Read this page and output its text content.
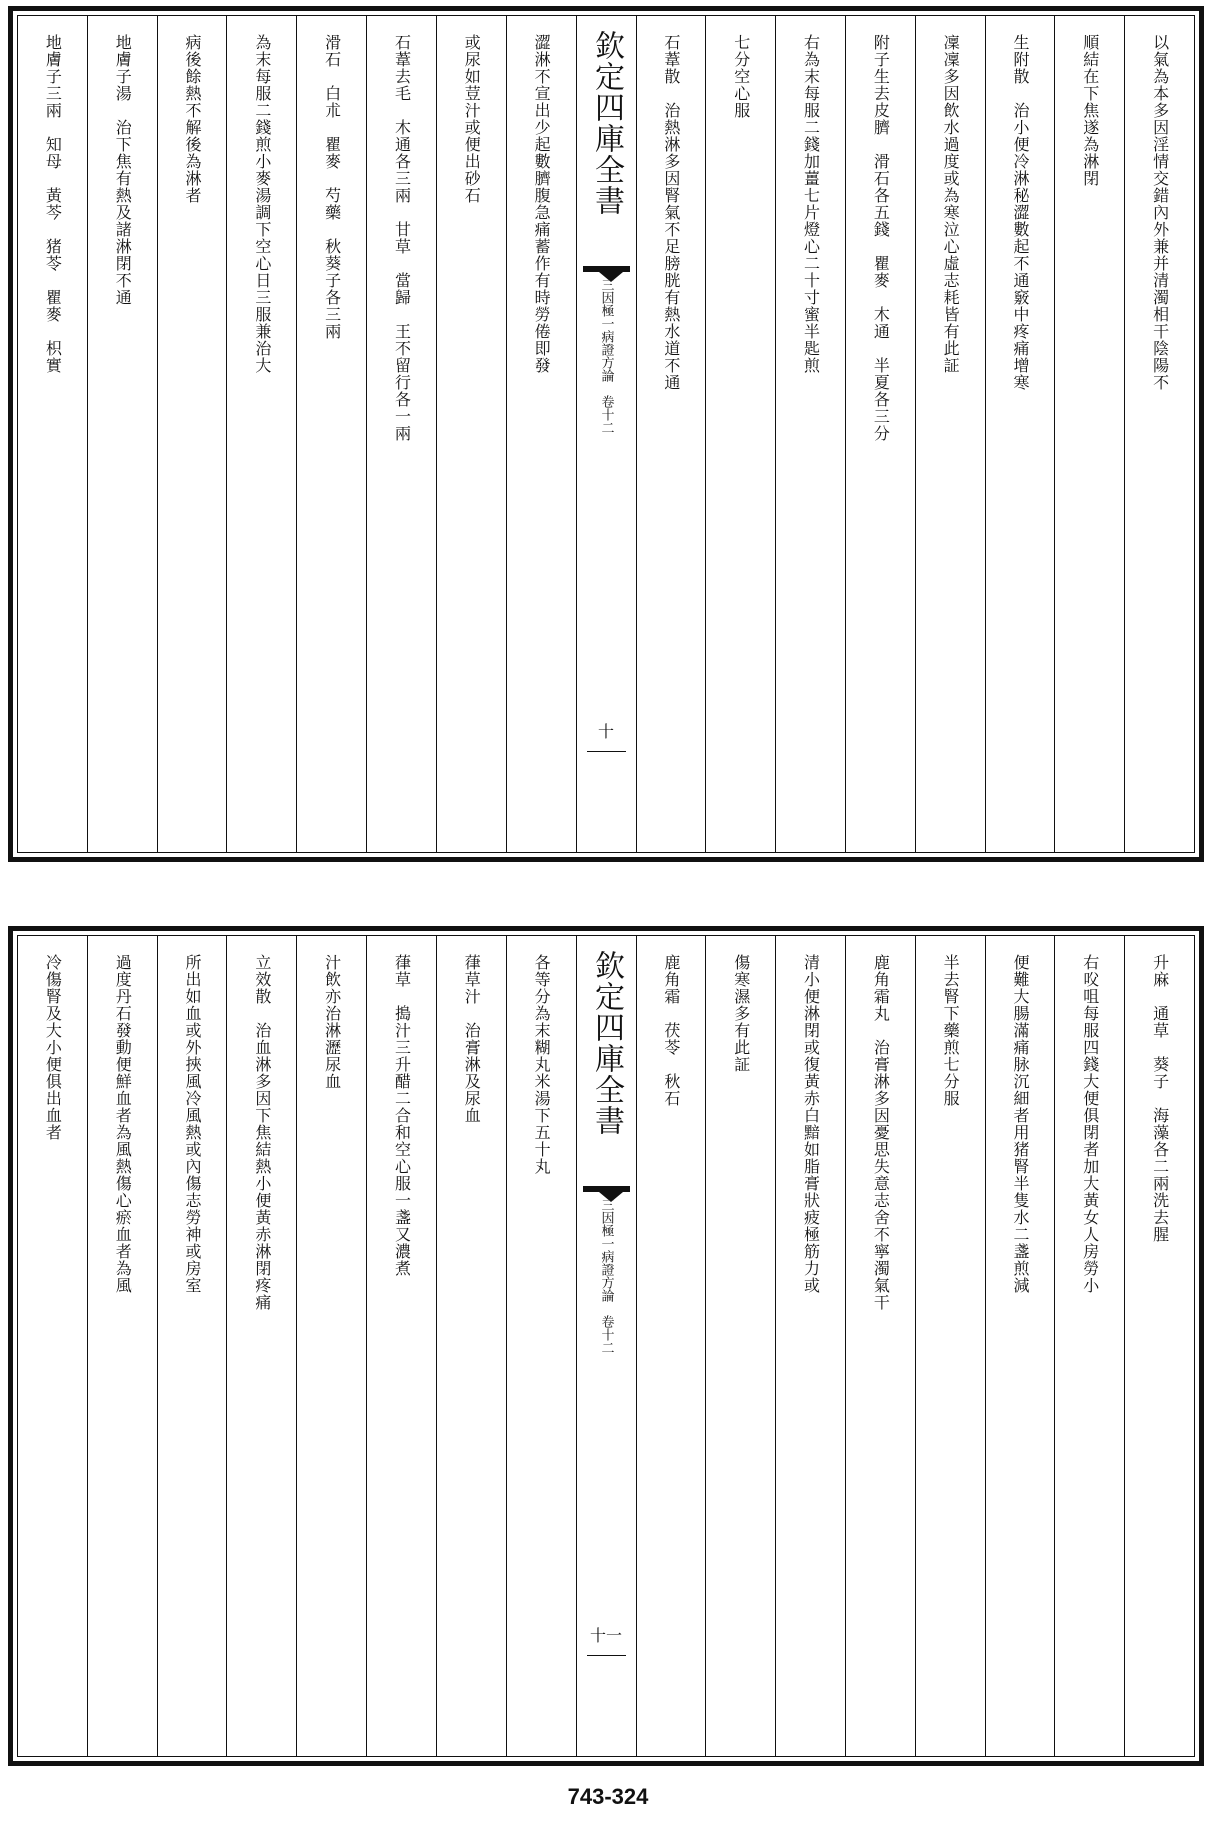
以氣為本多因淫情交錯內外兼并清濁相干陰陽不
順結在下焦遂為淋閉
生附散　治小便冷淋秘澀數起不通竅中疼痛增寒
凜凜多因飲水過度或為寒泣心虛志耗皆有此証
附子生去皮臍　滑石各五錢　瞿麥　木通　半夏各三分
右為末每服二錢加薑七片燈心二十寸蜜半匙煎
七分空心服
石葦散　治熱淋多因腎氣不足膀胱有熱水道不通
欽定四庫全書
三因極一病證方論　卷十二
十
澀淋不宣出少起數臍腹急痛蓄作有時勞倦即發
或尿如荳汁或便出砂石
石葦去毛　木通各三兩　甘草　當歸　王不留行各一兩
滑石　白朮　瞿麥　芍藥　秋葵子各三兩
為末每服二錢煎小麥湯調下空心日三服兼治大
病後餘熱不解後為淋者
地膚子湯　治下焦有熱及諸淋閉不通
地膚子三兩　知母　黃芩　猪苓　瞿麥　枳實
升麻　通草　葵子　海藻各二兩洗去腥
右㕮咀每服四錢大便俱閉者加大黃女人房勞小
便難大腸滿痛脉沉細者用猪腎半隻水二盞煎減
半去腎下藥煎七分服
鹿角霜丸　治膏淋多因憂思失意志舍不寧濁氣干
清小便淋閉或復黃赤白黯如脂膏狀疲極筋力或
傷寒濕多有此証
鹿角霜　茯苓　秋石
欽定四庫全書
三因極一病證方論　卷十二
十一
各等分為末糊丸米湯下五十丸
葎草汁　治膏淋及尿血
葎草　搗汁三升醋二合和空心服一盞又濃煮
汁飲亦治淋瀝尿血
立效散　治血淋多因下焦結熱小便黃赤淋閉疼痛
所出如血或外挾風冷風熱或內傷志勞神或房室
過度丹石發動便鮮血者為風熱傷心瘀血者為風
冷傷腎及大小便俱出血者
743-324
